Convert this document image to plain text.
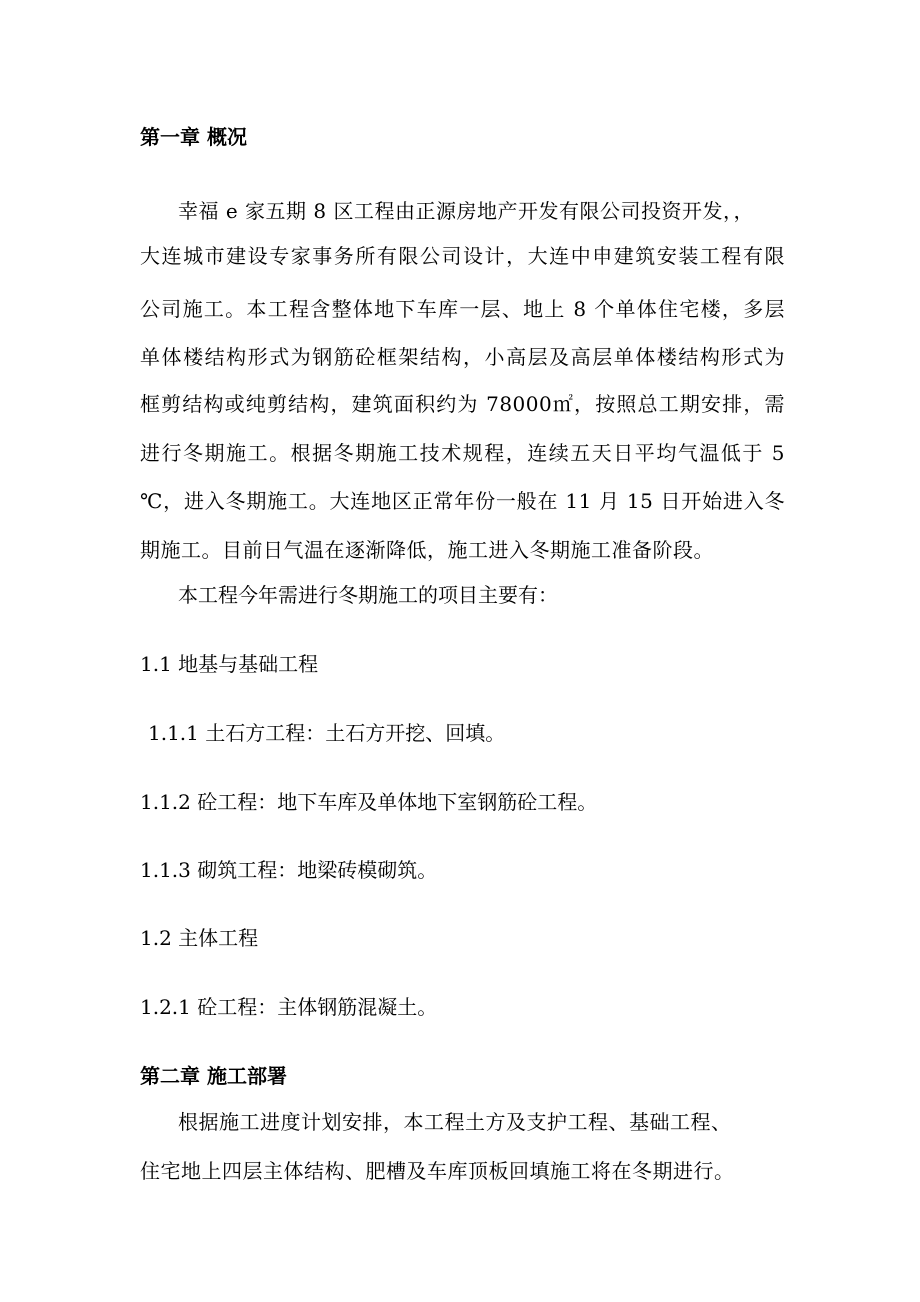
第一章 概况
幸福 e 家五期 8 区工程由正源房地产开发有限公司投资开发，，
大连城市建设专家事务所有限公司设计，大连中申建筑安装工程有限
公司施工。本工程含整体地下车库一层、地上 8 个单体住宅楼，多层
单体楼结构形式为钢筋砼框架结构，小高层及高层单体楼结构形式为
框剪结构或纯剪结构，建筑面积约为 78000㎡，按照总工期安排，需
进行冬期施工。根据冬期施工技术规程，连续五天日平均气温低于 5
℃，进入冬期施工。大连地区正常年份一般在 11 月 15 日开始进入冬
期施工。目前日气温在逐渐降低，施工进入冬期施工准备阶段。
本工程今年需进行冬期施工的项目主要有：
1.1 地基与基础工程
1.1.1 土石方工程：土石方开挖、回填。
1.1.2 砼工程：地下车库及单体地下室钢筋砼工程。
1.1.3 砌筑工程：地梁砖模砌筑。
1.2 主体工程
1.2.1 砼工程：主体钢筋混凝土。
第二章 施工部署
根据施工进度计划安排，本工程土方及支护工程、基础工程、
住宅地上四层主体结构、肥槽及车库顶板回填施工将在冬期进行。
